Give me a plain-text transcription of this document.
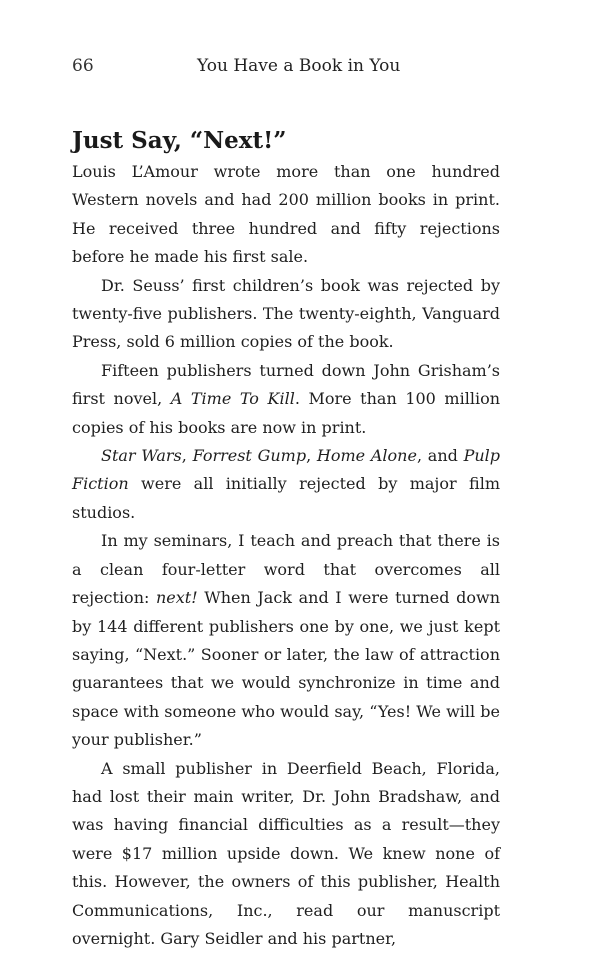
66	You Have a Book in You
Just Say, “Next!”

Louis L’Amour wrote more than one hundred Western novels and had 200 million books in print. He received three hundred and fifty rejections before he made his first sale.

Dr. Seuss’ first children’s book was rejected by twenty-five publishers. The twenty-eighth, Vanguard Press, sold 6 million copies of the book.

Fifteen publishers turned down John Grisham’s first novel, A Time To Kill. More than 100 million copies of his books are now in print.

Star Wars, Forrest Gump, Home Alone, and Pulp Fiction were all initially rejected by major film studios.

In my seminars, I teach and preach that there is a clean four-letter word that overcomes all rejection: next! When Jack and I were turned down by 144 different publishers one by one, we just kept saying, “Next.” Sooner or later, the law of attraction guarantees that we would synchronize in time and space with someone who would say, “Yes! We will be your publisher.”

A small publisher in Deerfield Beach, Florida, had lost their main writer, Dr. John Bradshaw, and was having financial difficulties as a result—they were $17 million upside down. We knew none of this. However, the owners of this publisher, Health Communications, Inc., read our manuscript overnight. Gary Seidler and his partner,
